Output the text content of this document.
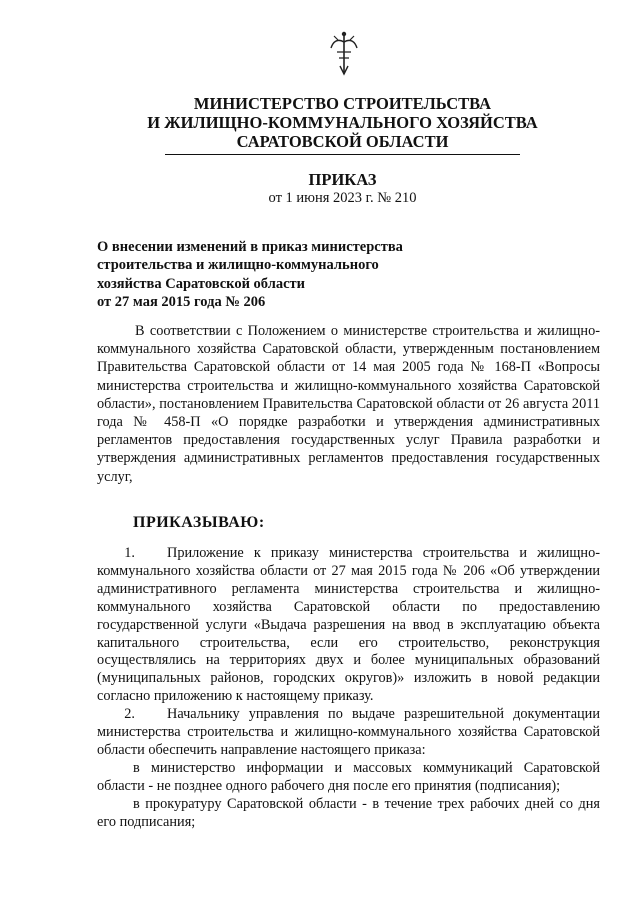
МИНИСТЕРСТВО СТРОИТЕЛЬСТВА
И ЖИЛИЩНО-КОММУНАЛЬНОГО ХОЗЯЙСТВА
САРАТОВСКОЙ ОБЛАСТИ
ПРИКАЗ
от 1 июня 2023 г. № 210
О внесении изменений в приказ министерства
строительства и жилищно-коммунального
хозяйства Саратовской области
от 27 мая 2015 года № 206
В соответствии с Положением о министерстве строительства и жилищно-коммунального хозяйства Саратовской области, утвержденным постановлением Правительства Саратовской области от 14 мая 2005 года № 168-П «Вопросы министерства строительства и жилищно-коммунального хозяйства Саратовской области», постановлением Правительства Саратовской области от 26 августа 2011 года № 458-П «О порядке разработки и утверждения административных регламентов предоставления государственных услуг Правила разработки и утверждения административных регламентов предоставления государственных услуг,
ПРИКАЗЫВАЮ:

1. Приложение к приказу министерства строительства и жилищно-коммунального хозяйства области от 27 мая 2015 года № 206 «Об утверждении административного регламента министерства строительства и жилищно-коммунального хозяйства Саратовской области по предоставлению государственной услуги «Выдача разрешения на ввод в эксплуатацию объекта капитального строительства, если его строительство, реконструкция осуществлялись на территориях двух и более муниципальных образований (муниципальных районов, городских округов)» изложить в новой редакции согласно приложению к настоящему приказу.

2. Начальнику управления по выдаче разрешительной документации министерства строительства и жилищно-коммунального хозяйства Саратовской области обеспечить направление настоящего приказа:

в министерство информации и массовых коммуникаций Саратовской области - не позднее одного рабочего дня после его принятия (подписания);

в прокуратуру Саратовской области - в течение трех рабочих дней со дня его подписания;
